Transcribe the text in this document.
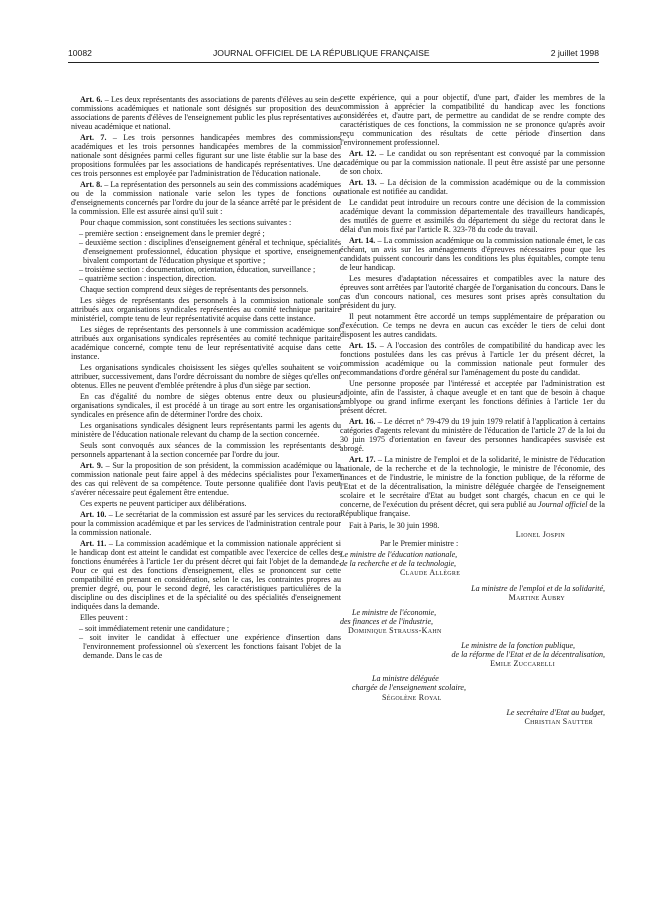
10082	JOURNAL OFFICIEL DE LA RÉPUBLIQUE FRANÇAISE	2 juillet 1998

Art. 6. – Les deux représentants des associations de parents d'élèves au sein des commissions académiques et nationale sont désignés sur proposition des deux associations de parents d'élèves de l'enseignement public les plus représentatives au niveau académique et national.

Art. 7. – Les trois personnes handicapées membres des commissions académiques et les trois personnes handicapées membres de la commission nationale sont désignées parmi celles figurant sur une liste établie sur la base des propositions formulées par les associations de handicapés représentatives. Une de ces trois personnes est employée par l'administration de l'éducation nationale.

Art. 8. – La représentation des personnels au sein des commissions académiques ou de la commission nationale varie selon les types de fonctions ou d'enseignements concernés par l'ordre du jour de la séance arrêté par le président de la commission. Elle est assurée ainsi qu'il suit :

Pour chaque commission, sont constituées les sections suivantes :

– première section : enseignement dans le premier degré ;
– deuxième section : disciplines d'enseignement général et technique, spécialités d'enseignement professionnel, éducation physique et sportive, enseignement bivalent comportant de l'éducation physique et sportive ;
– troisième section : documentation, orientation, éducation, surveillance ;
– quatrième section : inspection, direction.

Chaque section comprend deux sièges de représentants des personnels.

Les sièges de représentants des personnels à la commission nationale sont attribués aux organisations syndicales représentées au comité technique paritaire ministériel, compte tenu de leur représentativité acquise dans cette instance.

Les sièges de représentants des personnels à une commission académique sont attribués aux organisations syndicales représentées au comité technique paritaire académique concerné, compte tenu de leur représentativité acquise dans cette instance.

Les organisations syndicales choisissent les sièges qu'elles souhaitent se voir attribuer, successivement, dans l'ordre décroissant du nombre de sièges qu'elles ont obtenus. Elles ne peuvent d'emblée prétendre à plus d'un siège par section.

En cas d'égalité du nombre de sièges obtenus entre deux ou plusieurs organisations syndicales, il est procédé à un tirage au sort entre les organisations syndicales en présence afin de déterminer l'ordre des choix.

Les organisations syndicales désignent leurs représentants parmi les agents du ministère de l'éducation nationale relevant du champ de la section concernée.

Seuls sont convoqués aux séances de la commission les représentants des personnels appartenant à la section concernée par l'ordre du jour.

Art. 9. – Sur la proposition de son président, la commission académique ou la commission nationale peut faire appel à des médecins spécialistes pour l'examen des cas qui relèvent de sa compétence. Toute personne qualifiée dont l'avis peut s'avérer nécessaire peut également être entendue.

Ces experts ne peuvent participer aux délibérations.

Art. 10. – Le secrétariat de la commission est assuré par les services du rectorat pour la commission académique et par les services de l'administration centrale pour la commission nationale.

Art. 11. – La commission académique et la commission nationale apprécient si le handicap dont est atteint le candidat est compatible avec l'exercice de celles des fonctions énumérées à l'article 1er du présent décret qui fait l'objet de la demande. Pour ce qui est des fonctions d'enseignement, elles se prononcent sur cette compatibilité en prenant en considération, selon le cas, les contraintes propres au premier degré, ou, pour le second degré, les caractéristiques particulières de la discipline ou des disciplines et de la spécialité ou des spécialités d'enseignement indiquées dans la demande.

Elles peuvent :

– soit immédiatement retenir une candidature ;
– soit inviter le candidat à effectuer une expérience d'insertion dans l'environnement professionnel où s'exercent les fonctions faisant l'objet de la demande. Dans le cas de

cette expérience, qui a pour objectif, d'une part, d'aider les membres de la commission à apprécier la compatibilité du handicap avec les fonctions considérées et, d'autre part, de permettre au candidat de se rendre compte des caractéristiques de ces fonctions, la commission ne se prononce qu'après avoir reçu communication des résultats de cette période d'insertion dans l'environnement professionnel.

Art. 12. – Le candidat ou son représentant est convoqué par la commission académique ou par la commission nationale. Il peut être assisté par une personne de son choix.

Art. 13. – La décision de la commission académique ou de la commission nationale est notifiée au candidat.

Le candidat peut introduire un recours contre une décision de la commission académique devant la commission départementale des travailleurs handicapés, des mutilés de guerre et assimilés du département du siège du rectorat dans le délai d'un mois fixé par l'article R. 323-78 du code du travail.

Art. 14. – La commission académique ou la commission nationale émet, le cas échéant, un avis sur les aménagements d'épreuves nécessaires pour que les candidats puissent concourir dans les conditions les plus équitables, compte tenu de leur handicap.

Les mesures d'adaptation nécessaires et compatibles avec la nature des épreuves sont arrêtées par l'autorité chargée de l'organisation du concours. Dans le cas d'un concours national, ces mesures sont prises après consultation du président du jury.

Il peut notamment être accordé un temps supplémentaire de préparation ou d'exécution. Ce temps ne devra en aucun cas excéder le tiers de celui dont disposent les autres candidats.

Art. 15. – A l'occasion des contrôles de compatibilité du handicap avec les fonctions postulées dans les cas prévus à l'article 1er du présent décret, la commission académique ou la commission nationale peut formuler des recommandations d'ordre général sur l'aménagement du poste du candidat.

Une personne proposée par l'intéressé et acceptée par l'administration est adjointe, afin de l'assister, à chaque aveugle et en tant que de besoin à chaque amblyope ou grand infirme exerçant les fonctions définies à l'article 1er du présent décret.

Art. 16. – Le décret n° 79-479 du 19 juin 1979 relatif à l'application à certains catégories d'agents relevant du ministère de l'éducation de l'article 27 de la loi du 30 juin 1975 d'orientation en faveur des personnes handicapées susvisée est abrogé.

Art. 17. – La ministre de l'emploi et de la solidarité, le ministre de l'éducation nationale, de la recherche et de la technologie, le ministre de l'économie, des finances et de l'industrie, le ministre de la fonction publique, de la réforme de l'Etat et de la décentralisation, la ministre déléguée chargée de l'enseignement scolaire et le secrétaire d'Etat au budget sont chargés, chacun en ce qui le concerne, de l'exécution du présent décret, qui sera publié au Journal officiel de la République française.

Fait à Paris, le 30 juin 1998.
Lionel Jospin
Par le Premier ministre :
Le ministre de l'éducation nationale,
de la recherche et de la technologie,
Claude Allègre
La ministre de l'emploi et de la solidarité,
Martine Aubry
Le ministre de l'économie,
des finances et de l'industrie,
Dominique Strauss-Kahn
Le ministre de la fonction publique,
de la réforme de l'Etat et de la décentralisation,
Emile Zuccarelli
La ministre déléguée
chargée de l'enseignement scolaire,
Ségolène Royal
Le secrétaire d'Etat au budget,
Christian Sautter
